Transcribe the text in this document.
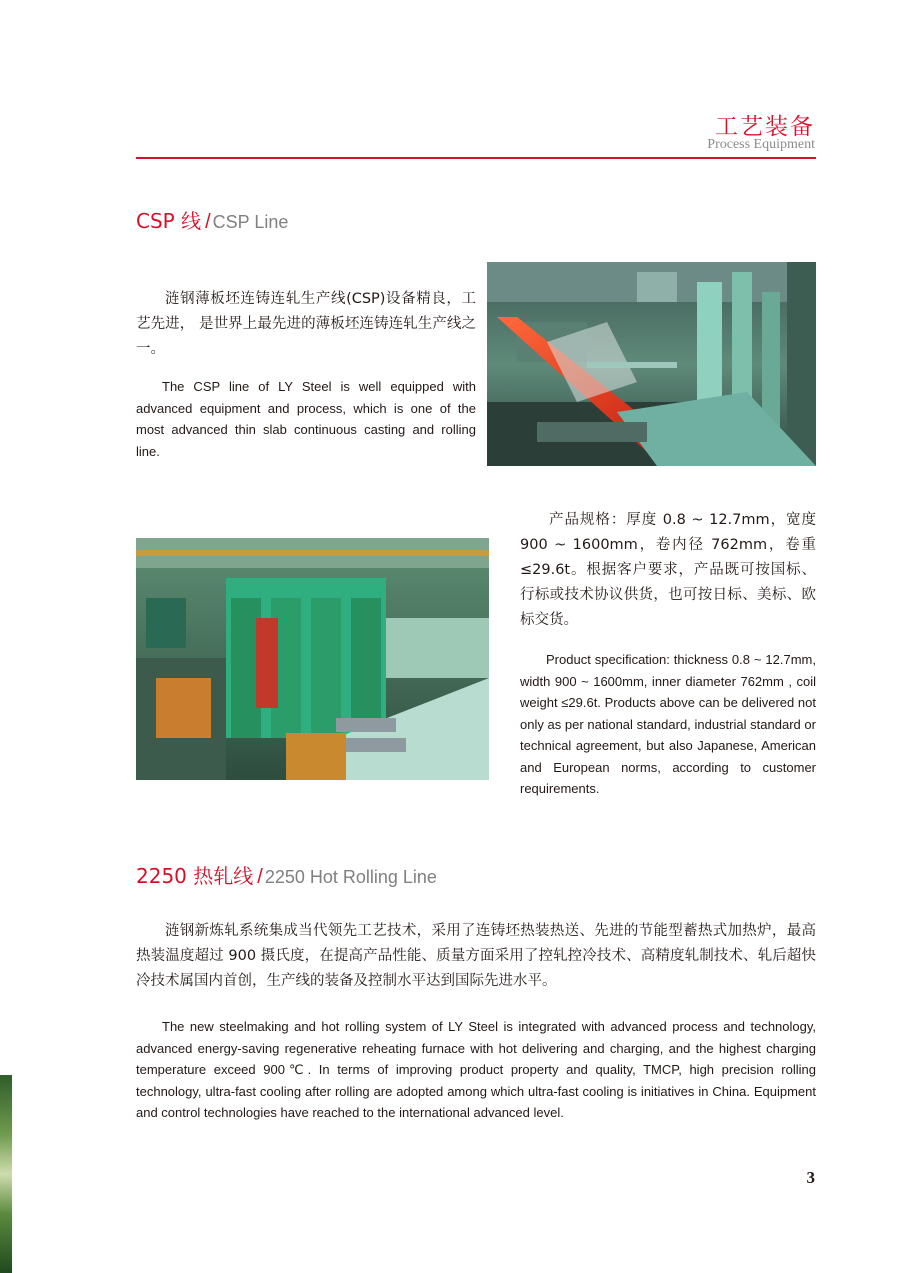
工艺装备
Process Equipment
CSP 线 / CSP Line
涟钢薄板坯连铸连轧生产线(CSP)设备精良，工艺先进， 是世界上最先进的薄板坯连铸连轧生产线之一。
The CSP line of LY Steel is well equipped with advanced equipment and process, which is one of the most advanced thin slab continuous casting and rolling line.
产品规格：厚度 0.8 ~ 12.7mm，宽度 900 ~ 1600mm，卷内径 762mm，卷重≤29.6t。根据客户要求，产品既可按国标、行标或技术协议供货，也可按日标、美标、欧标交货。
Product specification: thickness 0.8 ~ 12.7mm, width 900 ~ 1600mm, inner diameter 762mm , coil weight ≤29.6t. Products above can be delivered not only as per national standard, industrial standard or technical agreement, but also Japanese, American and European norms, according to customer requirements.
2250 热轧线 / 2250 Hot Rolling Line
涟钢新炼轧系统集成当代领先工艺技术，采用了连铸坯热装热送、先进的节能型蓄热式加热炉，最高热装温度超过 900 摄氏度，在提高产品性能、质量方面采用了控轧控冷技术、高精度轧制技术、轧后超快冷技术属国内首创，生产线的装备及控制水平达到国际先进水平。
The new steelmaking and hot rolling system of LY Steel is integrated with advanced process and technology, advanced energy-saving regenerative reheating furnace with hot delivering and charging, and the highest charging temperature exceed 900℃. In terms of improving product property and quality, TMCP, high precision rolling technology, ultra-fast cooling after rolling are adopted among which ultra-fast cooling is initiatives in China. Equipment and control technologies have reached to the international advanced level.
3
